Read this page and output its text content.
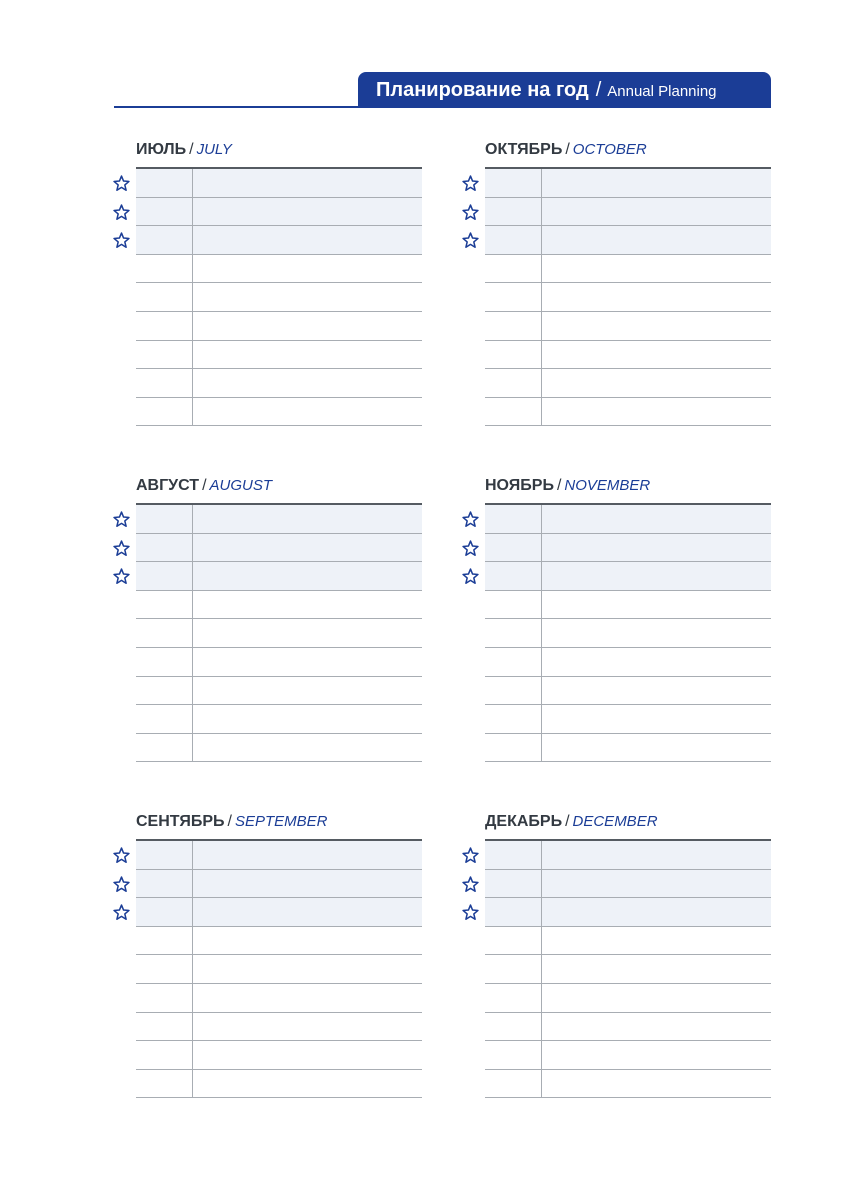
Планирование на год / Annual Planning
ИЮЛЬ / JULY	ОКТЯБРЬ / OCTOBER
АВГУСТ / AUGUST	НОЯБРЬ / NOVEMBER
СЕНТЯБРЬ / SEPTEMBER	ДЕКАБРЬ / DECEMBER
